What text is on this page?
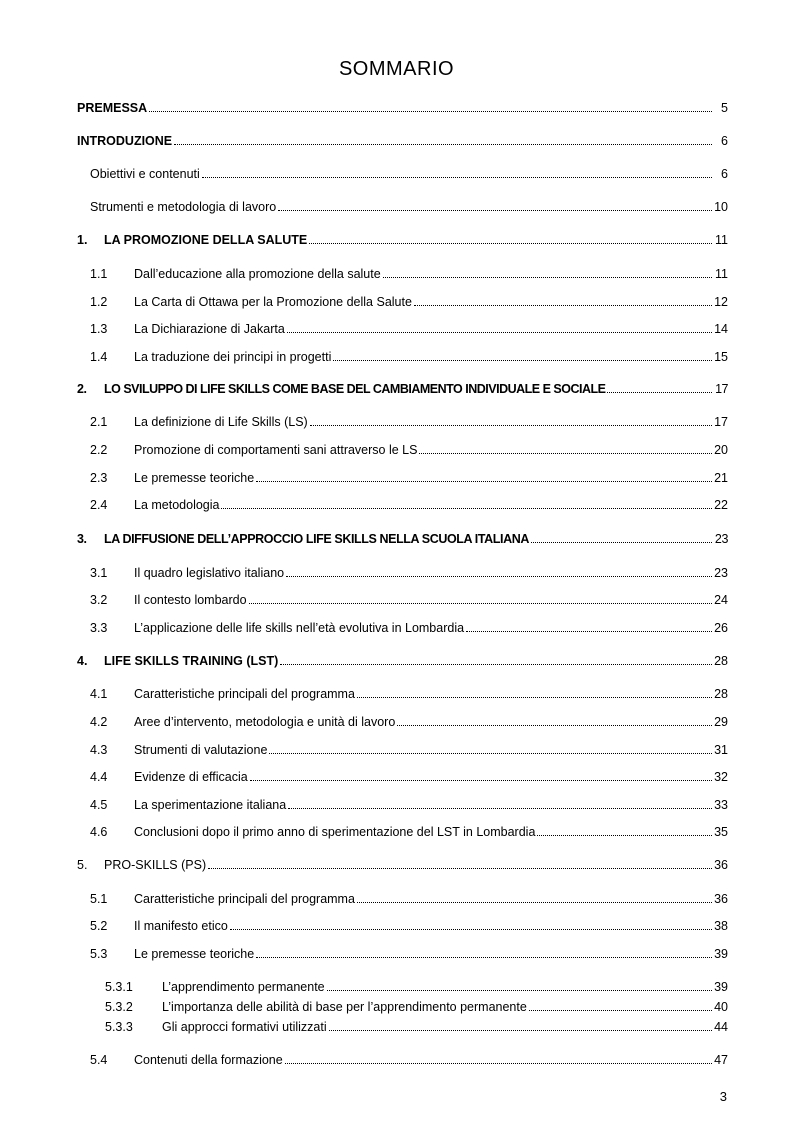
SOMMARIO
PREMESSA	5
INTRODUZIONE	6
Obiettivi e contenuti	6
Strumenti e metodologia di lavoro	10
1.	LA PROMOZIONE DELLA SALUTE	11
1.1	Dall’educazione alla promozione della salute	11
1.2	La Carta di Ottawa per la Promozione della Salute	12
1.3	La Dichiarazione di Jakarta	14
1.4	La traduzione dei principi in progetti	15
2.	LO SVILUPPO DI LIFE SKILLS COME BASE DEL CAMBIAMENTO INDIVIDUALE E SOCIALE	17
2.1	La definizione di Life Skills (LS)	17
2.2	Promozione di comportamenti sani attraverso le LS	20
2.3	Le premesse teoriche	21
2.4	La metodologia	22
3.	LA DIFFUSIONE DELL’APPROCCIO LIFE SKILLS NELLA SCUOLA ITALIANA	23
3.1	Il quadro legislativo italiano	23
3.2	Il contesto lombardo	24
3.3	L’applicazione delle life skills nell’età evolutiva in Lombardia	26
4.	LIFE SKILLS TRAINING (LST)	28
4.1	Caratteristiche principali del programma	28
4.2	Aree d’intervento, metodologia e unità di lavoro	29
4.3	Strumenti di valutazione	31
4.4	Evidenze di efficacia	32
4.5	La sperimentazione italiana	33
4.6	Conclusioni dopo il primo anno di sperimentazione del LST in Lombardia	35
5.	PRO-SKILLS (PS)	36
5.1	Caratteristiche principali del programma	36
5.2	Il manifesto etico	38
5.3	Le premesse teoriche	39
5.3.1	L’apprendimento permanente	39
5.3.2	L’importanza delle abilità di base per l’apprendimento permanente	40
5.3.3	Gli approcci formativi utilizzati	44
5.4	Contenuti della formazione	47
3
